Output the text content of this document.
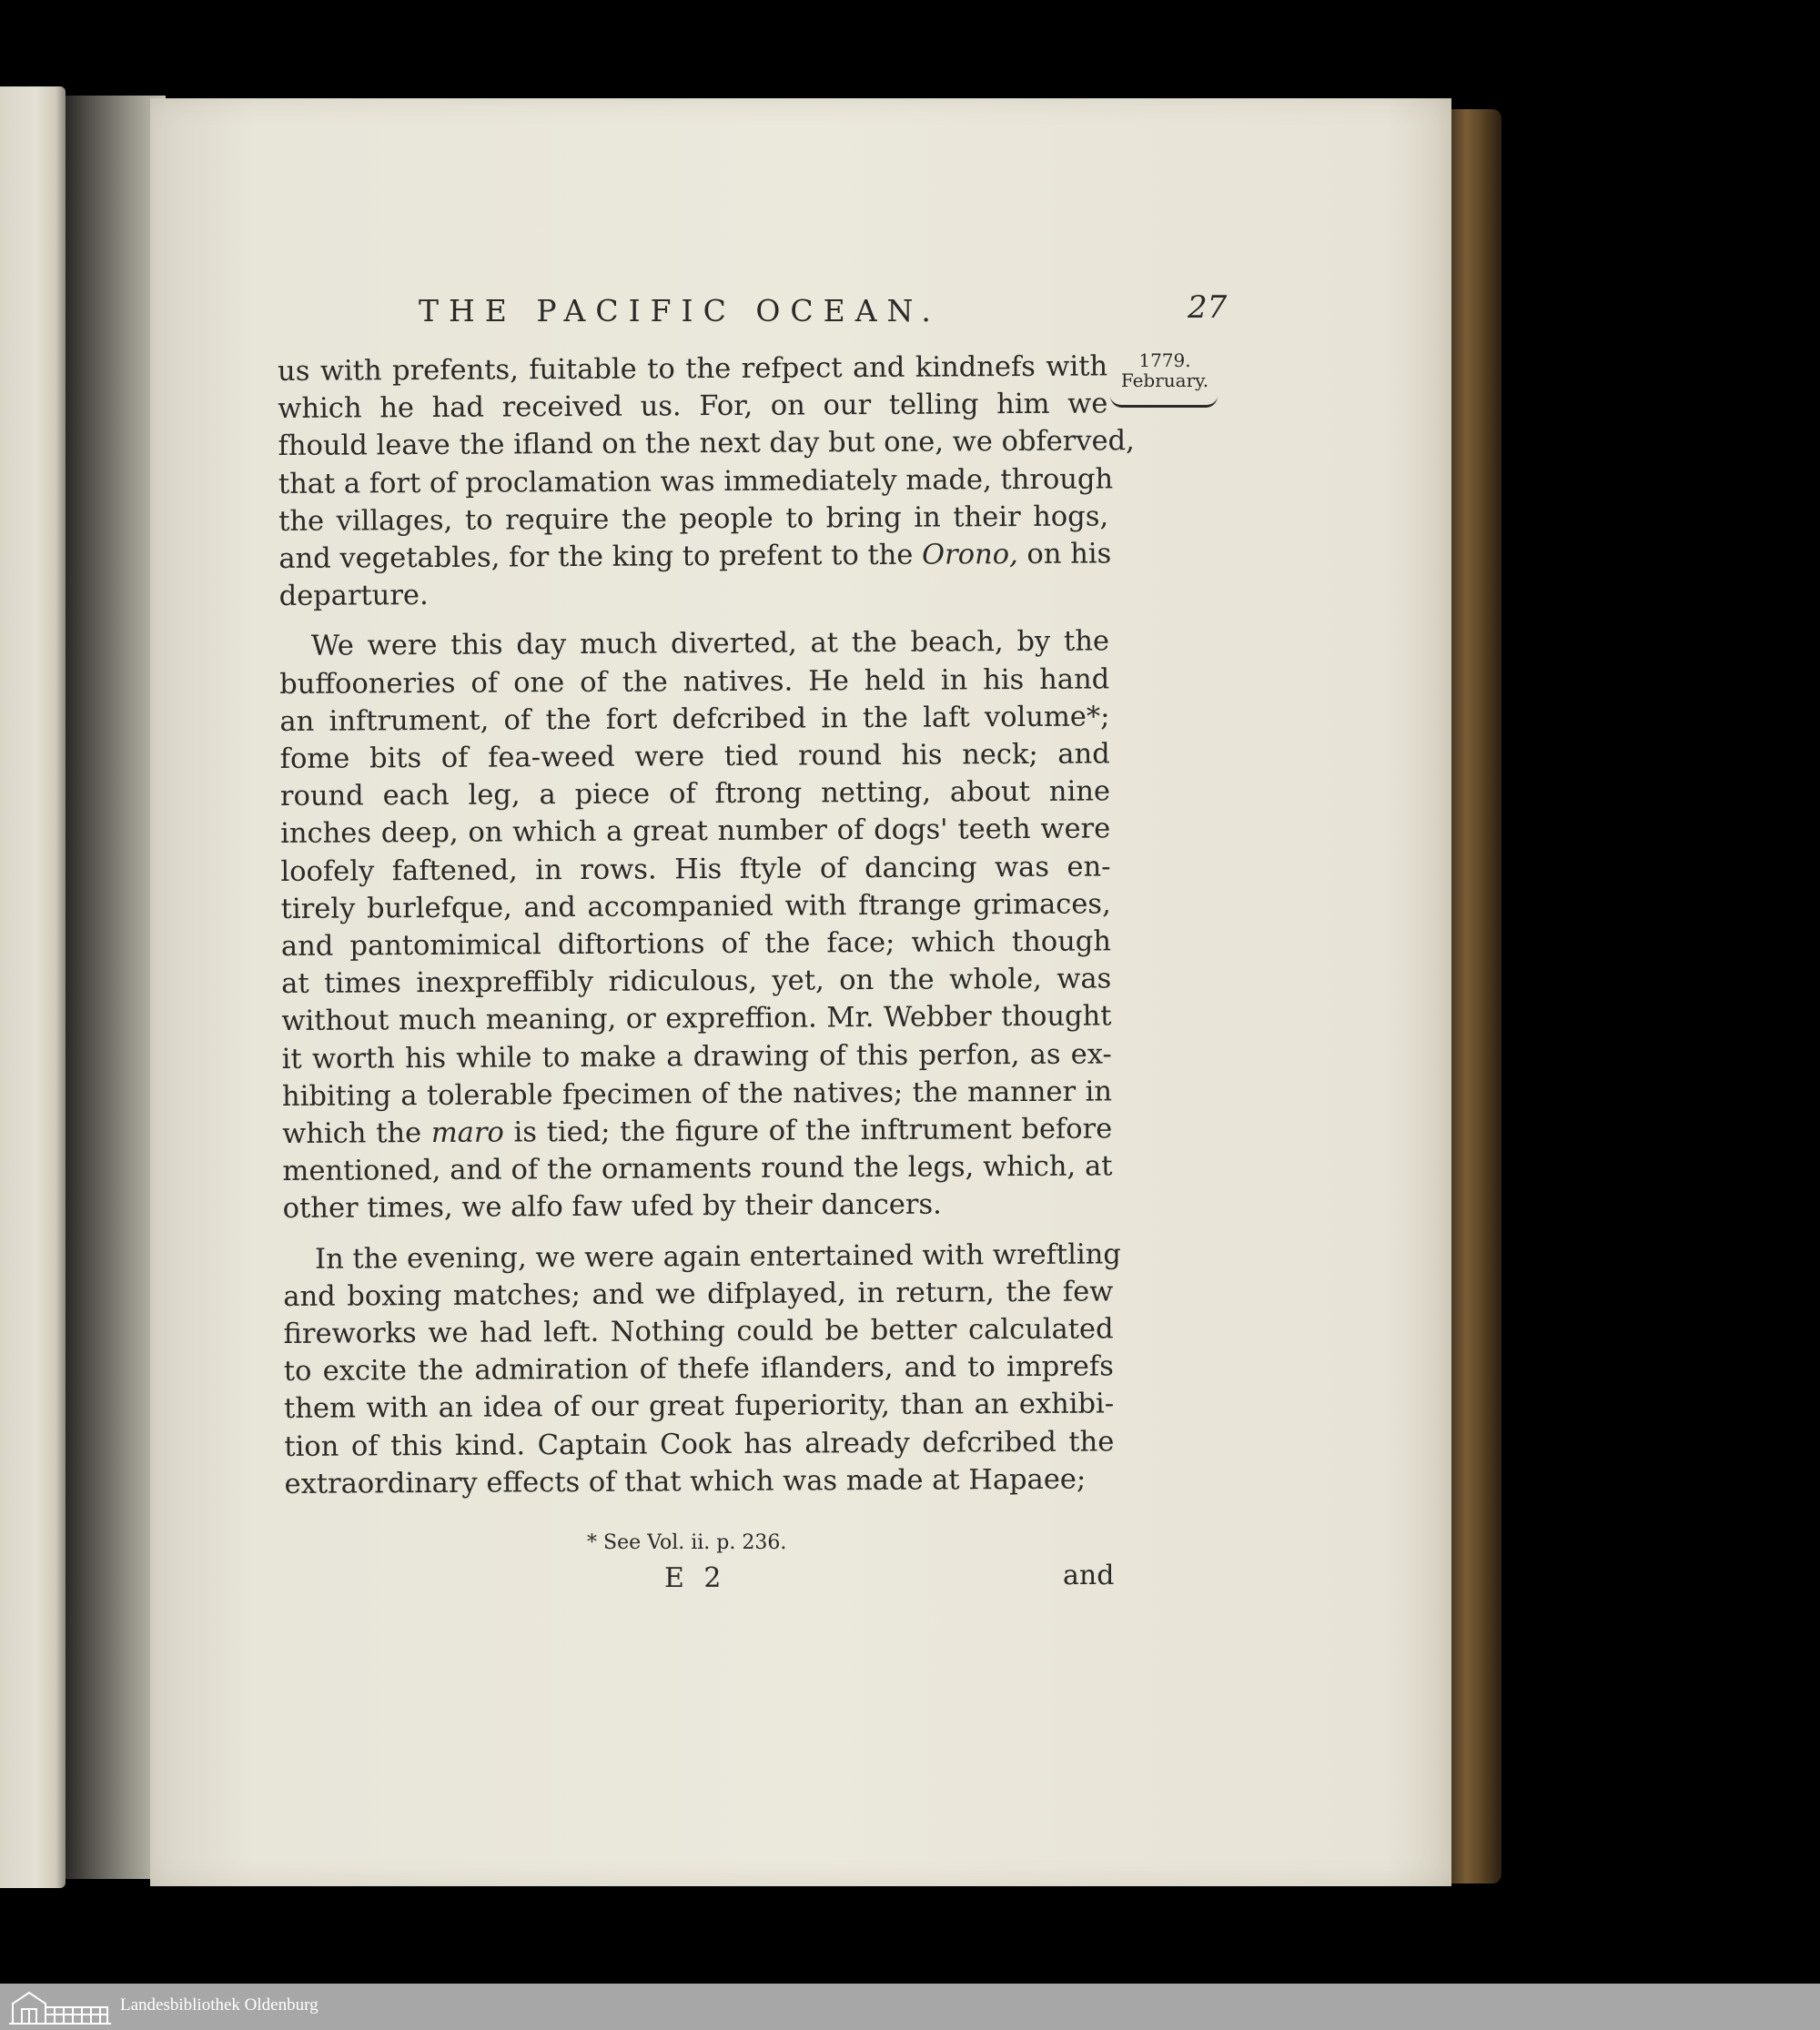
THE PACIFIC OCEAN.	27
1779.
February.
us with prefents, fuitable to the refpect and kindnefs with
which he had received us. For, on our telling him we
fhould leave the ifland on the next day but one, we obferved,
that a fort of proclamation was immediately made, through
the villages, to require the people to bring in their hogs,
and vegetables, for the king to prefent to the Orono, on his
departure.
We were this day much diverted, at the beach, by the
buffooneries of one of the natives. He held in his hand
an inftrument, of the fort defcribed in the laft volume*;
fome bits of fea-weed were tied round his neck; and
round each leg, a piece of ftrong netting, about nine
inches deep, on which a great number of dogs' teeth were
loofely faftened, in rows. His ftyle of dancing was en-
tirely burlefque, and accompanied with ftrange grimaces,
and pantomimical diftortions of the face; which though
at times inexpreffibly ridiculous, yet, on the whole, was
without much meaning, or expreffion. Mr. Webber thought
it worth his while to make a drawing of this perfon, as ex-
hibiting a tolerable fpecimen of the natives; the manner in
which the maro is tied; the figure of the inftrument before
mentioned, and of the ornaments round the legs, which, at
other times, we alfo faw ufed by their dancers.
In the evening, we were again entertained with wreftling
and boxing matches; and we difplayed, in return, the few
fireworks we had left. Nothing could be better calculated
to excite the admiration of thefe iflanders, and to imprefs
them with an idea of our great fuperiority, than an exhibi-
tion of this kind. Captain Cook has already defcribed the
extraordinary effects of that which was made at Hapaee;
* See Vol. ii. p. 236.
E 2	and
Landesbibliothek Oldenburg
